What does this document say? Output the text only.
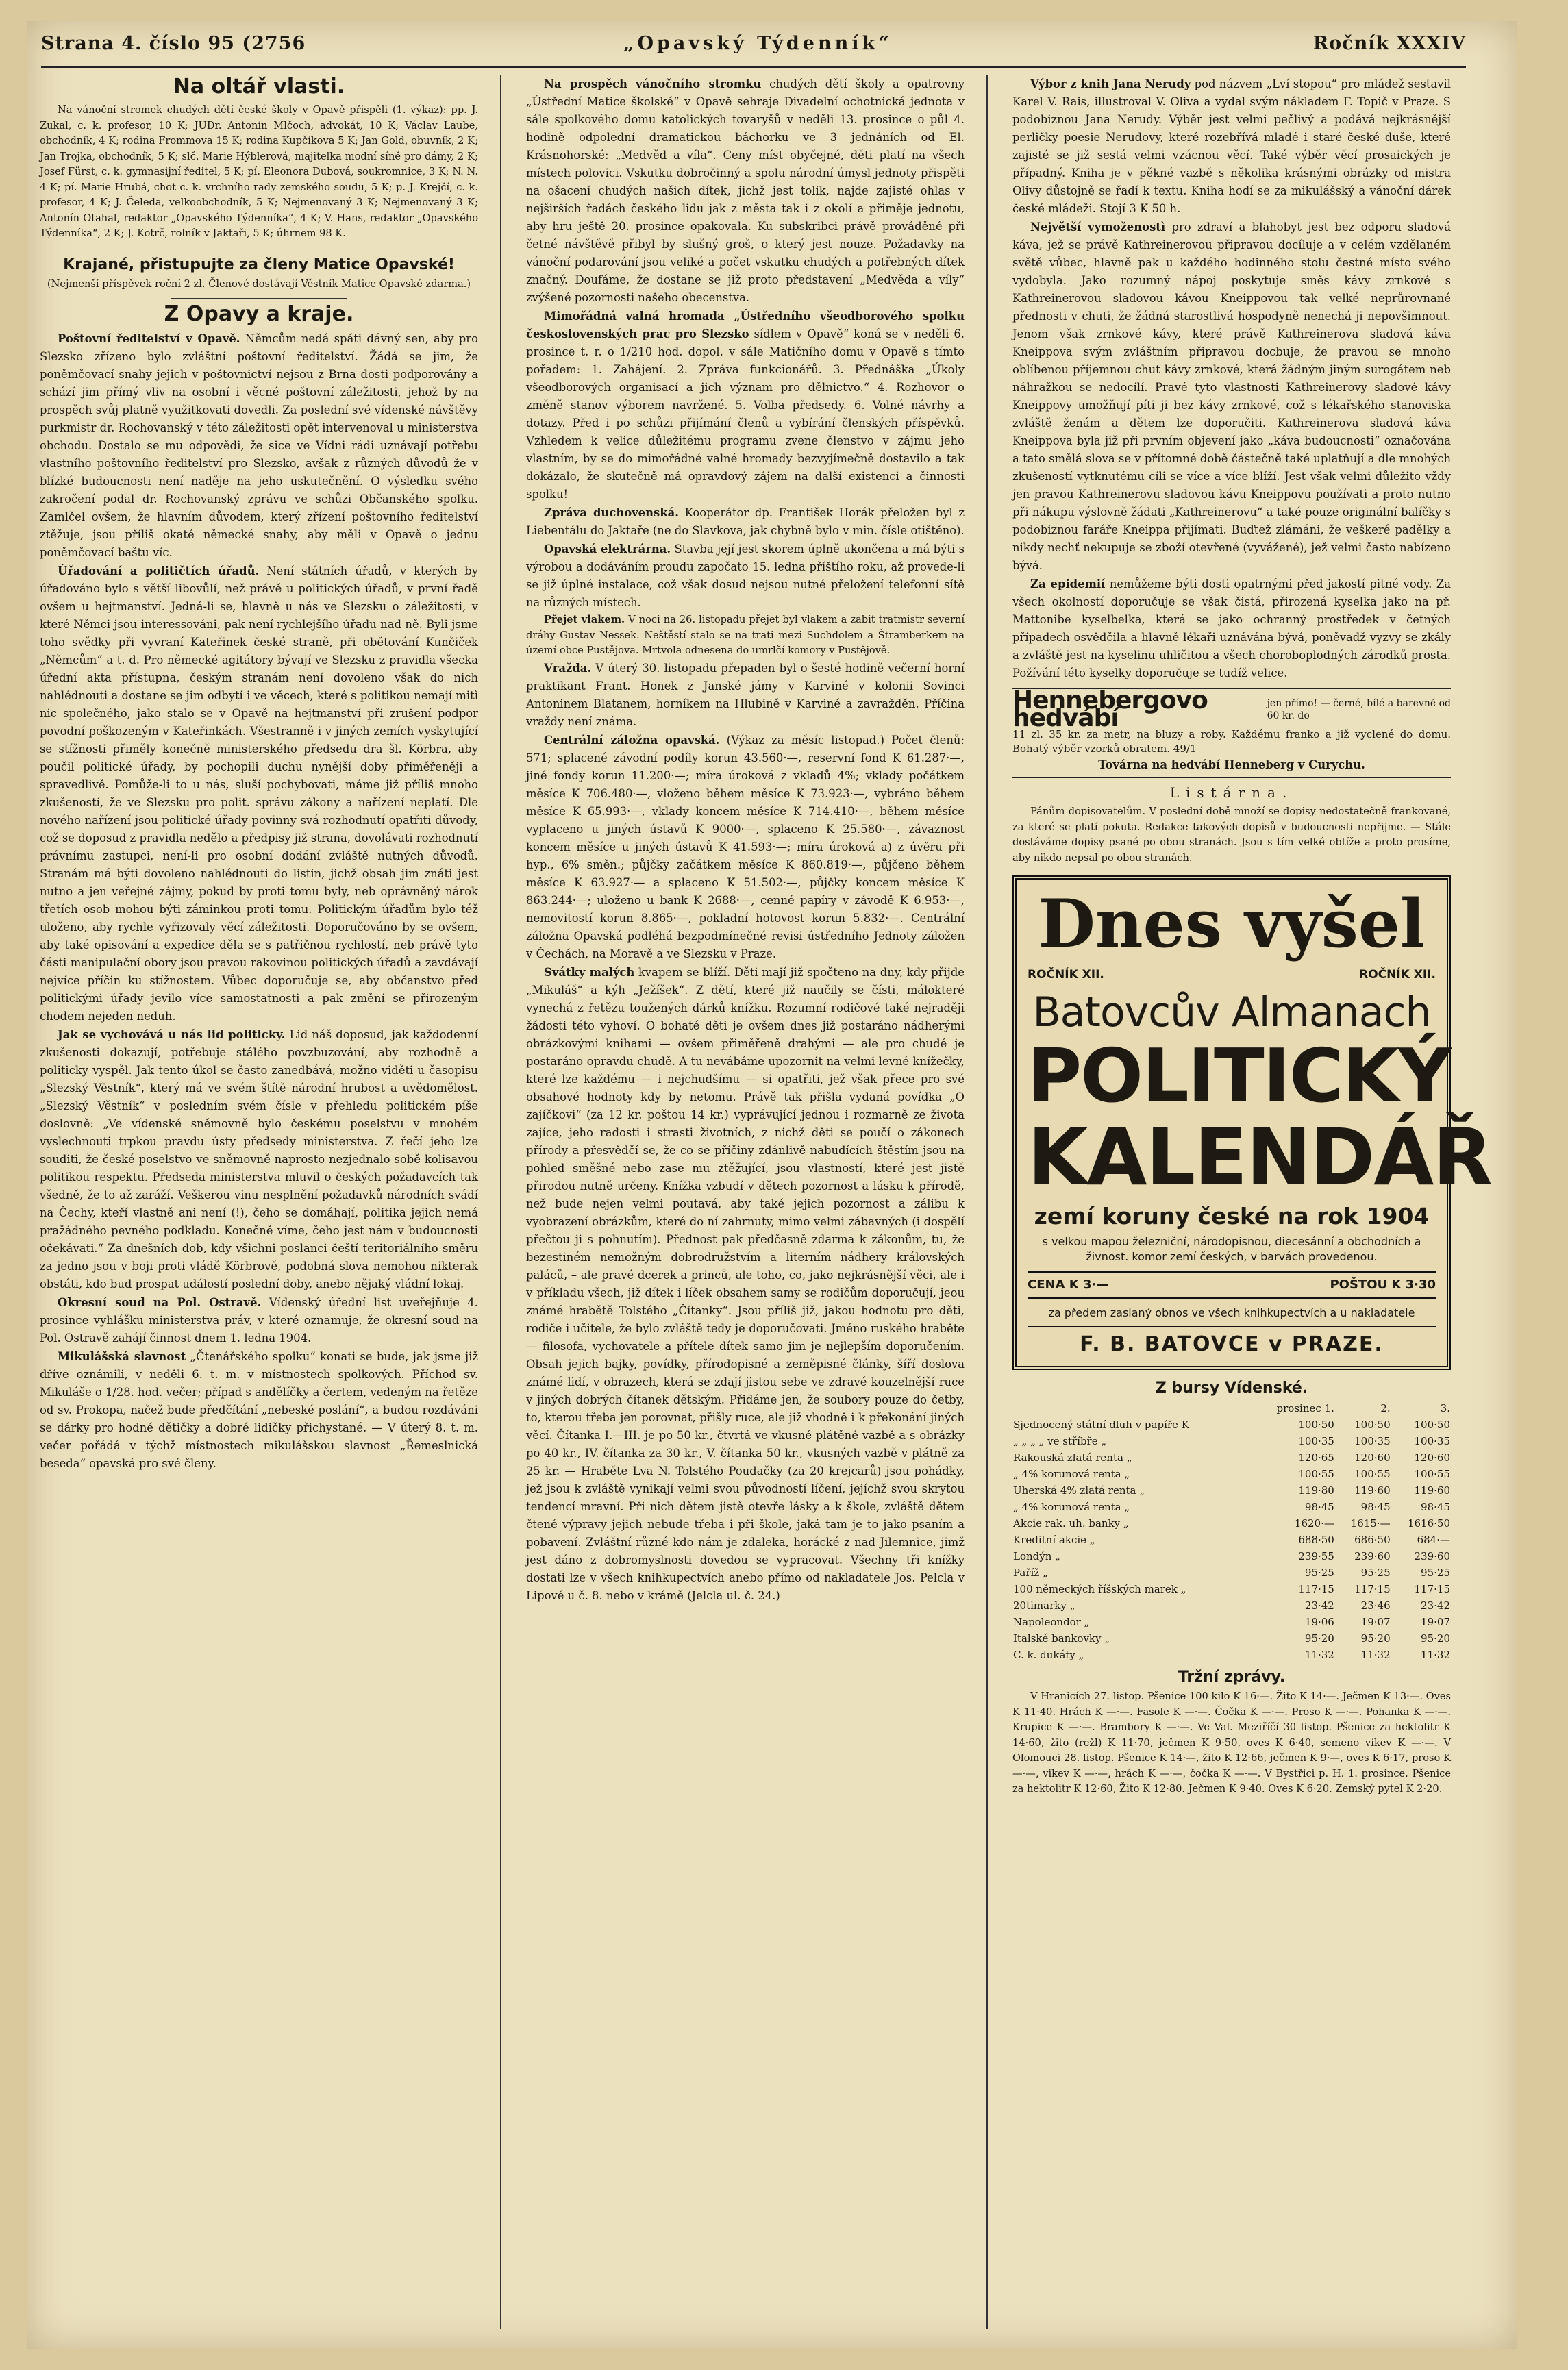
Strana 4. číslo 95 (2756	„Opavský Týdenník“	Ročník XXXIV
Na oltář vlasti.

Na vánoční stromek chudých dětí české školy v Opavě přispěli (1. výkaz): pp. J. Zukal, c. k. profesor, 10 K; JUDr. Antonín Mlčoch, advokát, 10 K; Václav Laube, obchodník, 4 K; rodina Frommova 15 K; rodina Kupčíkova 5 K; Jan Gold, obuvník, 2 K; Jan Trojka, obchodník, 5 K; slč. Marie Hýblerová, majitelka modní síně pro dámy, 2 K; Josef Fürst, c. k. gymnasijní ředitel, 5 K; pí. Eleonora Dubová, soukromnice, 3 K; N. N. 4 K; pí. Marie Hrubá, chot c. k. vrchního rady zemského soudu, 5 K; p. J. Krejčí, c. k. profesor, 4 K; J. Čeleda, velkoobchodník, 5 K; Nejmenovaný 3 K; Nejmenovaný 3 K; Antonín Otahal, redaktor „Opavského Týdenníka“, 4 K; V. Hans, redaktor „Opavského Týdenníka“, 2 K; J. Kotrč, rolník v Jaktaři, 5 K; úhrnem 98 K.

Krajané, přistupujte za členy Matice Opavské!
(Nejmenší příspěvek roční 2 zl. Členové dostávají Věstník Matice Opavské zdarma.)
Z Opavy a kraje.

Poštovní ředitelství v Opavě. Němcům nedá spáti dávný sen, aby pro Slezsko zřízeno bylo zvláštní poštovní ředitelství. Žádá se jim, že poněmčovací snahy jejich v poštovnictví nejsou z Brna dosti podporovány a schází jim přímý vliv na osobní i věcné poštovní záležitosti, jehož by na prospěch svůj platně využitkovati dovedli. Za poslední své vídenské návštěvy purkmistr dr. Rochovanský v této záležitosti opět intervenoval u ministerstva obchodu. Dostalo se mu odpovědi, že sice ve Vídni rádi uznávají potřebu vlastního poštovního ředitelství pro Slezsko, avšak z různých důvodů že v blízké budoucnosti není naděje na jeho uskutečnění. O výsledku svého zakročení podal dr. Rochovanský zprávu ve schůzi Občanského spolku. Zamlčel ovšem, že hlavním důvodem, který zřízení poštovního ředitelství ztěžuje, jsou příliš okaté německé snahy, aby měli v Opavě o jednu poněmčovací baštu víc.

Úřadování a političtích úřadů. Není státních úřadů, v kterých by úřadováno bylo s větší libovůlí, než právě u politických úřadů, v první řadě ovšem u hejtmanství. Jedná-li se, hlavně u nás ve Slezsku o záležitosti, v které Němci jsou interessováni, pak není rychlejšího úřadu nad ně. Byli jsme toho svědky při vyvraní Kateřinek české straně, při obětování Kunčiček „Němcům“ a t. d. Pro německé agitátory bývají ve Slezsku z pravidla všecka úřední akta přístupna, českým stranám není dovoleno však do nich nahlédnouti a dostane se jim odbytí i ve věcech, které s politikou nemají mitì nic společného, jako stalo se v Opavě na hejtmanství při zrušení podpor povodní poškozeným v Kateřinkách. Všestranně i v jiných zemích vyskytující se stížnosti přiměly konečně ministerského předsedu dra šl. Körbra, aby poučil politické úřady, by pochopili duchu nynější doby přiměřeněji a spravedlivě. Pomůže-li to u nás, sluší pochybovati, máme již příliš mnoho zkušeností, že ve Slezsku pro polit. správu zákony a nařízení neplatí. Dle nového nařízení jsou politické úřady povinny svá rozhodnutí opatřiti důvody, což se doposud z pravidla nedělo a předpisy již strana, dovolávati rozhodnutí právnímu zastupci, není-li pro osobní dodání zvláště nutných důvodů. Stranám má býti dovoleno nahlédnouti do listin, jichž obsah jim znáti jest nutno a jen veřejné zájmy, pokud by proti tomu byly, neb oprávněný nárok třetích osob mohou býti záminkou proti tomu. Politickým úřadům bylo též uloženo, aby rychle vyřizovaly věcí záležitosti. Doporučováno by se ovšem, aby také opisování a expedice děla se s patřičnou rychlostí, neb právě tyto části manipulační obory jsou pravou rakovinou politických úřadů a zavdávají nejvíce příčin ku stížnostem. Vůbec doporučuje se, aby občanstvo před politickými úřady jevilo více samostatnosti a pak změní se přirozeným chodem nejeden neduh.

Jak se vychovává u nás lid politicky. Lid náš doposud, jak každodenní zkušenosti dokazují, potřebuje stálého povzbuzování, aby rozhodně a politicky vyspěl. Jak tento úkol se často zanedbává, možno viděti u časopisu „Slezský Věstník“, který má ve svém štítě národní hrubost a uvědomělost. „Slezský Věstník“ v posledním svém čísle v přehledu politickém píše doslovně: „Ve vídenské sněmovně bylo českému poselstvu v mnohém vyslechnouti trpkou pravdu ústy předsedy ministerstva. Z řečí jeho lze souditi, že české poselstvo ve sněmovně naprosto nezjednalo sobě kolisavou politikou respektu. Předseda ministerstva mluvil o českých požadavcích tak všedně, že to až zaráží. Veškerou vinu nesplnění požadavků národních svádí na Čechy, kteří vlastně ani není (!), čeho se domáhají, politika jejich nemá pražádného pevného podkladu. Konečně víme, čeho jest nám v budoucnosti očekávati.“ Za dnešních dob, kdy všichni poslanci čeští teritoriálního směru za jedno jsou v boji proti vládě Körbrově, podobná slova nemohou nikterak obstáti, kdo bud prospat událostí poslední doby, anebo nějaký vládní lokaj.

Okresní soud na Pol. Ostravě. Vídenský úřední list uveřejňuje 4. prosince vyhlášku ministerstva práv, v které oznamuje, že okresní soud na Pol. Ostravě zahájí činnost dnem 1. ledna 1904.

Mikulášská slavnost „Čtenářského spolku“ konati se bude, jak jsme již dříve oznámili, v neděli 6. t. m. v místnostech spolkových. Příchod sv. Mikuláše o 1/28. hod. večer; případ s andělíčky a čertem, vedeným na řetěze od sv. Prokopa, načež bude předčítání „nebeské poslání“, a budou rozdáváni se dárky pro hodné dětičky a dobré lidičky přichystané. — V úterý 8. t. m. večer pořádá v týchž místnostech mikulášskou slavnost „Řemeslnická beseda“ opavská pro své členy.

Na prospěch vánočního stromku chudých dětí školy a opatrovny „Ústřední Matice školské“ v Opavě sehraje Divadelní ochotnická jednota v sále spolkového domu katolických tovaryšů v neděli 13. prosince o půl 4. hodině odpolední dramatickou báchorku ve 3 jednáních od El. Krásnohorské: „Medvěd a víla“. Ceny míst obyčejné, děti platí na všech místech polovici. Vskutku dobročinný a spolu národní úmysl jednoty přispěti na ošacení chudých našich dítek, jichž jest tolik, najde zajisté ohlas v nejširších řadách českého lidu jak z města tak i z okolí a přiměje jednotu, aby hru ještě 20. prosince opakovala. Ku subskribci právě prováděné při četné návštěvě přibyl by slušný groš, o který jest nouze. Požadavky na vánoční podarování jsou veliké a počet vskutku chudých a potřebných dítek značný. Doufáme, že dostane se již proto představení „Medvěda a víly“ zvýšené pozornosti našeho obecenstva.

Mimořádná valná hromada „Ústředního všeodborového spolku československých prac pro Slezsko sídlem v Opavě“ koná se v neděli 6. prosince t. r. o 1/210 hod. dopol. v sále Matičního domu v Opavě s tímto pořadem: 1. Zahájení. 2. Zpráva funkcionářů. 3. Přednáška „Úkoly všeodborových organisací a jich význam pro dělnictvo.“ 4. Rozhovor o změně stanov výborem navržené. 5. Volba předsedy. 6. Volné návrhy a dotazy. Před i po schůzi přijímání členů a vybírání členských příspěvků. Vzhledem k velice důležitému programu zvene členstvo v zájmu jeho vlastním, by se do mimořádné valné hromady bezvyjímečně dostavilo a tak dokázalo, že skutečně má opravdový zájem na další existenci a činnosti spolku!

Zpráva duchovenská. Kooperátor dp. František Horák přeložen byl z Liebentálu do Jaktaře (ne do Slavkova, jak chybně bylo v min. čísle otištěno).

Opavská elektrárna. Stavba její jest skorem úplně ukončena a má býti s výrobou a dodáváním proudu započato 15. ledna příštího roku, až provede-li se již úplné instalace, což však dosud nejsou nutné přeložení telefonní sítě na různých místech.

Přejet vlakem. V noci na 26. listopadu přejet byl vlakem a zabit tratmistr severní dráhy Gustav Nessek. Neštěstí stalo se na trati mezi Suchdolem a Štramberkem na území obce Pustějova. Mrtvola odnesena do umrlčí komory v Pustějově.

Vražda. V úterý 30. listopadu přepaden byl o šesté hodině večerní horní praktikant Frant. Honek z Janské jámy v Karviné v kolonii Sovinci Antoninem Blatanem, horníkem na Hlubině v Karviné a zavražděn. Příčina vraždy není známa.

Centrální záložna opavská. (Výkaz za měsíc listopad.) Počet členů: 571; splacené závodní podíly korun 43.560·—, reservní fond K 61.287·—, jiné fondy korun 11.200·—; míra úroková z vkladů 4%; vklady počátkem měsíce K 706.480·—, vloženo během měsíce K 73.923·—, vybráno během měsíce K 65.993·—, vklady koncem měsíce K 714.410·—, během měsíce vyplaceno u jiných ústavů K 9000·—, splaceno K 25.580·—, závaznost koncem měsíce u jiných ústavů K 41.593·—; míra úroková a) z úvěru při hyp., 6% směn.; půjčky začátkem měsíce K 860.819·—, půjčeno během měsíce K 63.927·— a splaceno K 51.502·—, půjčky koncem měsíce K 863.244·—; uloženo u bank K 2688·—, cenné papíry v závodě K 6.953·—, nemovitostí korun 8.865·—, pokladní hotovost korun 5.832·—. Centrální záložna Opavská podléhá bezpodmínečné revisi ústředního Jednoty záložen v Čechách, na Moravě a ve Slezsku v Praze.

Svátky malých kvapem se blíží. Děti mají již spočteno na dny, kdy přijde „Mikuláš“ a kýh „Ježíšek“. Z dětí, které již naučily se čísti, málokteré vynechá z řetězu toužených dárků knížku. Rozumní rodičové také nejraději žádosti této vyhoví. O bohaté děti je ovšem dnes již postaráno nádherými obrázkovými knihami — ovšem přiměřeně drahými — ale pro chudé je postaráno opravdu chudě. A tu nevábáme upozornit na velmi levné knížečky, které lze každému — i nejchudšímu — si opatřiti, jež však přece pro své obsahové hodnoty kdy by netomu. Právě tak přišla vydaná povídka „O zajíčkovi“ (za 12 kr. poštou 14 kr.) vyprávující jednou i rozmarně ze života zajíce, jeho radosti i strasti životních, z nichž děti se poučí o zákonech přírody a přesvědčí se, že co se příčiny zdánlivě nabudících štěstím jsou na pohled směšné nebo zase mu ztěžující, jsou vlastností, které jest jistě přirodou nutně určeny. Knížka vzbudí v dětech pozornost a lásku k přírodě, než bude nejen velmi poutavá, aby také jejich pozornost a zálibu k vyobrazení obrázkům, které do ní zahrnuty, mimo velmi zábavných (i dospělí přečtou ji s pohnutím). Přednost pak předčasně zdarma k zákonům, tu, že bezestiném nemožným dobrodružstvím a literním nádhery královských paláců, – ale pravé dcerek a princů, ale toho, co, jako nejkrásnější věci, ale i v příkladu všech, již dítek i líček obsahem samy se rodičům doporučují, jeou známé hrabětě Tolstého „Čítanky“. Jsou příliš již, jakou hodnotu pro děti, rodiče i učitele, že bylo zvláště tedy je doporučovati. Jméno ruského hraběte — filosofa, vychovatele a přítele dítek samo jim je nejlepším doporučením. Obsah jejich bajky, povídky, přírodopisné a zeměpisné články, šíří doslova známé lidí, v obrazech, která se zdají jistou sebe ve zdravé kouzelnější ruce v jiných dobrých čítanek dětským. Přidáme jen, že soubory pouze do četby, to, kterou třeba jen porovnat, přišly ruce, ale již vhodně i k překonání jiných věcí. Čítanka I.—III. je po 50 kr., čtvrtá ve vkusné plátěné vazbě a s obrázky po 40 kr., IV. čítanka za 30 kr., V. čítanka 50 kr., vkusných vazbě v plátně za 25 kr. — Hraběte Lva N. Tolstého Poudačky (za 20 krejcarů) jsou pohádky, jež jsou k zvláště vynikají velmi svou původností líčení, jejíchž svou skrytou tendencí mravní. Při nich dětem jistě otevře lásky a k škole, zvláště dětem čtené výpravy jejich nebude třeba i při škole, jaká tam je to jako psaním a pobavení. Zvláštní různé kdo nám je zdaleka, horácké z nad Jilemnice, jimž jest dáno z dobromyslnosti dovedou se vypracovat. Všechny tři knížky dostati lze v všech knihkupectvích anebo přímo od nakladatele Jos. Pelcla v Lipové u č. 8. nebo v krámě (Jelcla ul. č. 24.)

Výbor z knih Jana Nerudy pod názvem „Lví stopou“ pro mládež sestavil Karel V. Rais, illustroval V. Oliva a vydal svým nákladem F. Topič v Praze. S podobiznou Jana Nerudy. Výběr jest velmi pečlivý a podává nejkrásnější perličky poesie Nerudovy, které rozebřívá mladé i staré české duše, které zajisté se již sestá velmi vzácnou věcí. Také výběr věcí prosaických je případný. Kniha je v pěkné vazbě s několika krásnými obrázky od mistra Olivy důstojně se řadí k textu. Kniha hodí se za mikulášský a vánoční dárek české mládeži. Stojí 3 K 50 h.

Největší vymoženostì pro zdraví a blahobyt jest bez odporu sladová káva, jež se právě Kathreinerovou připravou docíluje a v celém vzdělaném světě vůbec, hlavně pak u každého hodinného stolu čestné místo svého vydobyla. Jako rozumný nápoj poskytuje směs kávy zrnkové s Kathreinerovou sladovou kávou Kneippovou tak velké neprůrovnané přednosti v chuti, že žádná starostlivá hospodyně nenechá ji nepovšimnout. Jenom však zrnkové kávy, které právě Kathreinerova sladová káva Kneippova svým zvláštním připravou docbuje, že pravou se mnoho oblíbenou příjemnou chut kávy zrnkové, která žádným jiným surogátem neb náhražkou se nedocílí. Pravé tyto vlastnosti Kathreinerovy sladové kávy Kneippovy umožňují píti ji bez kávy zrnkové, což s lékařského stanoviska zvláště ženám a dětem lze doporučiti. Kathreinerova sladová káva Kneippova byla již při prvním objevení jako „káva budoucnosti“ označována a tato smělá slova se v přítomné době částečně také uplatňují a dle mnohých zkušeností vytknutému cíli se více a více blíží. Jest však velmi důležito vždy jen pravou Kathreinerovu sladovou kávu Kneippovu používati a proto nutno při nákupu výslovně žádati „Kathreinerovu“ a také pouze originální balíčky s podobiznou faráře Kneippa přijímati. Buďtež zlámáni, že veškeré padělky a nikdy nechť nekupuje se zboží otevřené (vyvážené), jež velmi často nabízeno bývá.

Za epidemií nemůžeme býti dosti opatrnými před jakostí pitné vody. Za všech okolností doporučuje se však čistá, přirozená kyselka jako na př. Mattonibe kyselbelka, která se jako ochranný prostředek v četných případech osvědčila a hlavně lékaři uznávána bývá, poněvadž vyzvy se zkály a zvláště jest na kyselinu uhličitou a všech choroboplodných zárodků prosta. Požívání této kyselky doporučuje se tudíž velice.

Hennebergovo hedvábí
jen přímo! — černé, bílé a barevné od 60 kr. do
11 zl. 35 kr. za metr, na bluzy a roby. Každému franko a již vyclené do domu. Bohatý výběr vzorků obratem. 49/1
Továrna na hedvábí Henneberg v Curychu.
Listárna.

Pánům dopisovatelům. V poslední době množí se dopisy nedostatečně frankované, za které se platí pokuta. Redakce takových dopisů v budoucnosti nepřijme. — Stále dostáváme dopisy psané po obou stranách. Jsou s tím velké obtíže a proto prosíme, aby nikdo nepsal po obou stranách.

Dnes vyšel
ROČNÍK XII.	ROČNÍK XII.
Batovcův Almanach
POLITICKÝ
KALENDÁŘ
zemí koruny české na rok 1904
s velkou mapou železniční, národopisnou, diecesánní a obchodních a živnost. komor zemí českých, v barvách provedenou.
CENA K 3·—	POŠTOU K 3·30
za předem zaslaný obnos ve všech knihkupectvích a u nakladatele
F. B. BATOVCE v PRAZE.
Z bursy Vídenské.
	prosinec 1.	2.	3.
Sjednocený státní dluh v papíře K	100·50	100·50	100·50
„ „ „ „ ve stříbře „	100·35	100·35	100·35
Rakouská zlatá renta „	120·65	120·60	120·60
„ 4% korunová renta „	100·55	100·55	100·55
Uherská 4% zlatá renta „	119·80	119·60	119·60
„ 4% korunová renta „	98·45	98·45	98·45
Akcie rak. uh. banky „	1620·—	1615·—	1616·50
Kreditní akcie „	688·50	686·50	684·—
Londýn „	239·55	239·60	239·60
Paříž „	95·25	95·25	95·25
100 německých říšských marek „	117·15	117·15	117·15
20timarky „	23·42	23·46	23·42
Napoleondor „	19·06	19·07	19·07
Italské bankovky „	95·20	95·20	95·20
C. k. dukáty „	11·32	11·32	11·32
Tržní zprávy.

V Hranicích 27. listop. Pšenice 100 kilo K 16·—. Žito K 14·—. Ječmen K 13·—. Oves K 11·40. Hrách K —·—. Fasole K —·—. Čočka K —·—. Proso K —·—. Pohanka K —·—. Krupice K —·—. Brambory K —·—. Ve Val. Meziříčí 30 listop. Pšenice za hektolitr K 14·60, žito (režl) K 11·70, ječmen K 9·50, oves K 6·40, semeno víkev K —·—. V Olomouci 28. listop. Pšenice K 14·—, žito K 12·66, ječmen K 9·—, oves K 6·17, proso K —·—, vikev K —·—, hrách K —·—, čočka K —·—. V Bystřici p. H. 1. prosince. Pšenice za hektolitr K 12·60, Žito K 12·80. Ječmen K 9·40. Oves K 6·20. Zemský pytel K 2·20.
